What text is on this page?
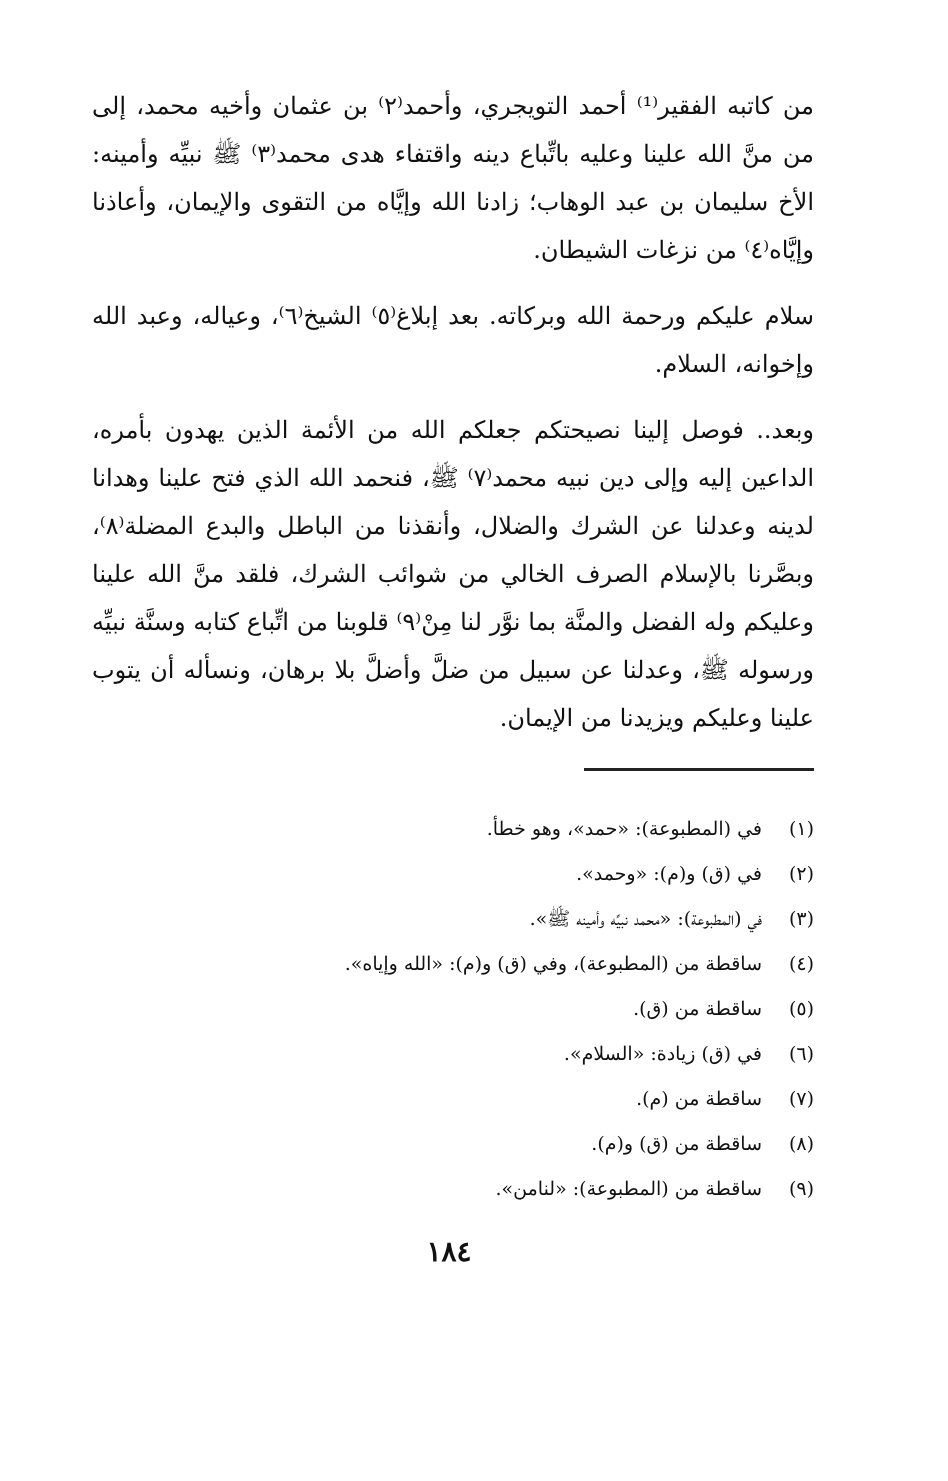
من كاتبه الفقير⁽¹⁾ أحمد التويجري، وأحمد⁽٢⁾ بن عثمان وأخيه محمد، إلى من منَّ الله علينا وعليه باتِّباع دينه واقتفاء هدى محمد⁽٣⁾ ﷺ نبيِّه وأمينه: الأخ سليمان بن عبد الوهاب؛ زادنا الله وإيَّاه من التقوى والإيمان، وأعاذنا وإيَّاه⁽٤⁾ من نزغات الشيطان.

سلام عليكم ورحمة الله وبركاته. بعد إبلاغ⁽٥⁾ الشيخ⁽٦⁾، وعياله، وعبد الله وإخوانه، السلام.

وبعد.. فوصل إلينا نصيحتكم جعلكم الله من الأئمة الذين يهدون بأمره، الداعين إليه وإلى دين نبيه محمد⁽٧⁾ ﷺ، فنحمد الله الذي فتح علينا وهدانا لدينه وعدلنا عن الشرك والضلال، وأنقذنا من الباطل والبدع المضلة⁽٨⁾، وبصَّرنا بالإسلام الصرف الخالي من شوائب الشرك، فلقد منَّ الله علينا وعليكم وله الفضل والمنَّة بما نوَّر لنا مِنْ⁽٩⁾ قلوبنا من اتِّباع كتابه وسنَّة نبيِّه ورسوله ﷺ، وعدلنا عن سبيل من ضلَّ وأضلَّ بلا برهان، ونسأله أن يتوب علينا وعليكم ويزيدنا من الإيمان.

(١)
في (المطبوعة): «حمد»، وهو خطأ.
(٢)
في (ق) و(م): «وحمد».
(٣)
في (المطبوعة): «محمد نبيِّه وأمينه ﷺ».
(٤)
ساقطة من (المطبوعة)، وفي (ق) و(م): «الله وإياه».
(٥)
ساقطة من (ق).
(٦)
في (ق) زيادة: «السلام».
(٧)
ساقطة من (م).
(٨)
ساقطة من (ق) و(م).
(٩)
ساقطة من (المطبوعة): «لنامن».
١٨٤
